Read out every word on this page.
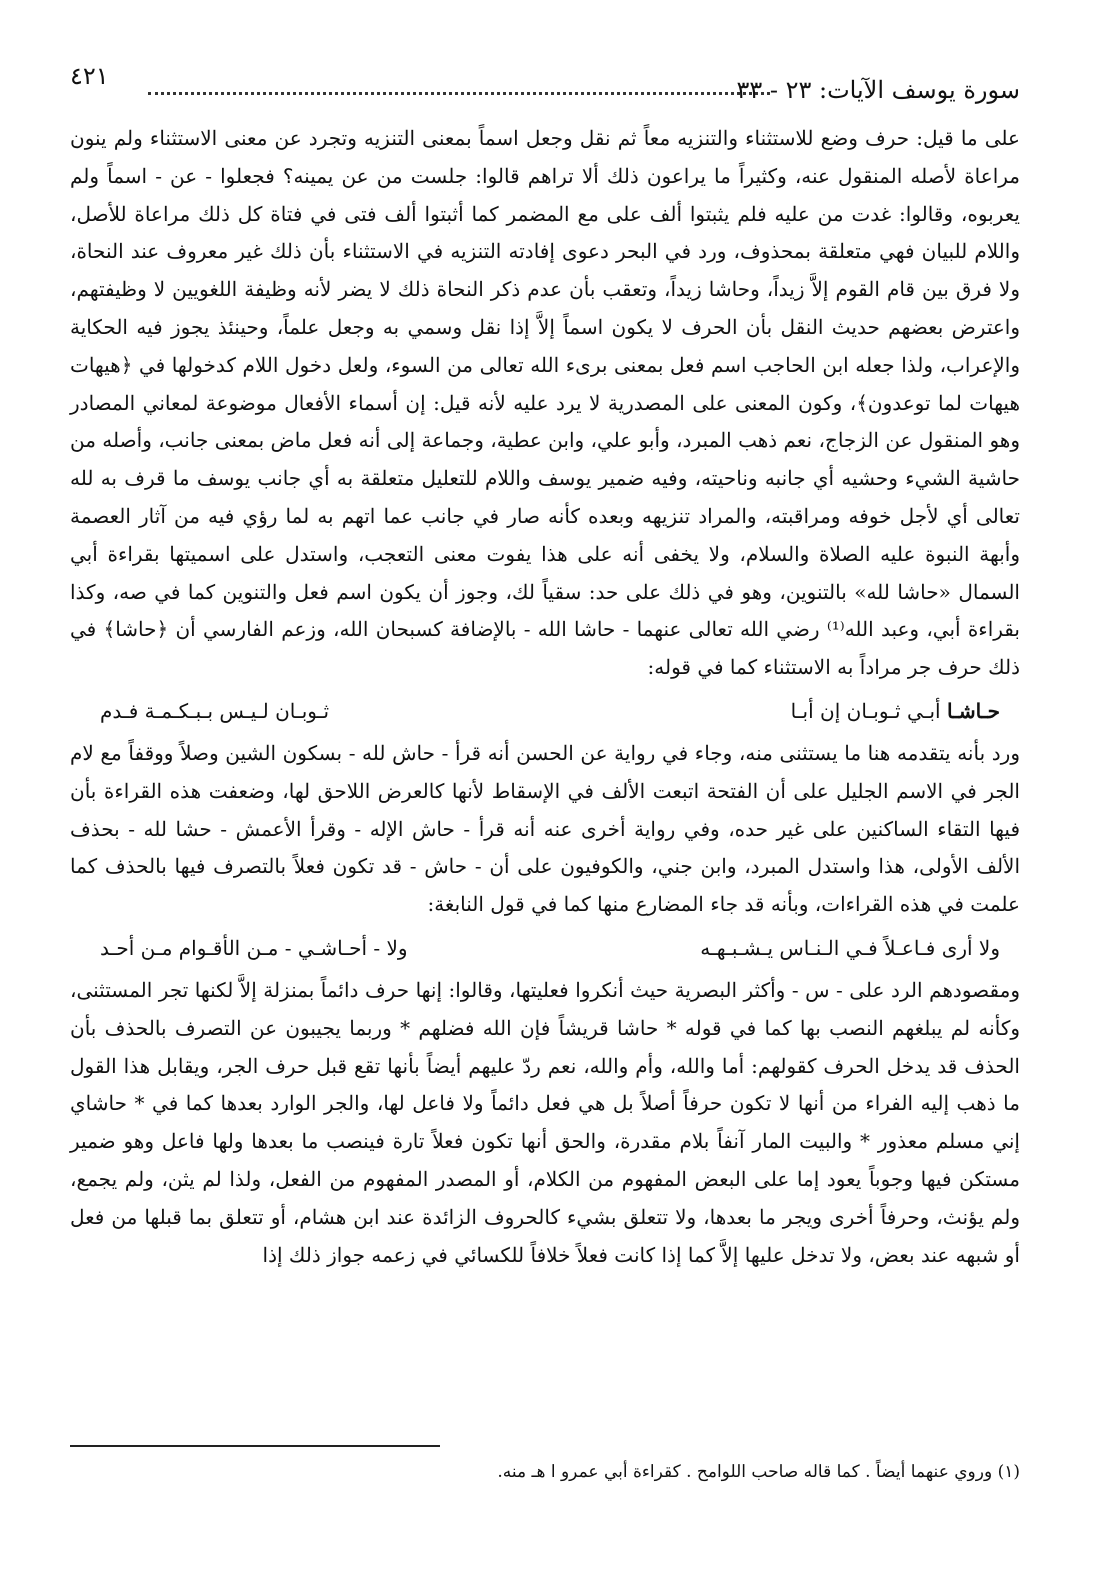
سورة يوسف الآيات: ٢٣ - ٣٣
٤٢١

على ما قيل: حرف وضع للاستثناء والتنزيه معاً ثم نقل وجعل اسماً بمعنى التنزيه وتجرد عن معنى الاستثناء ولم ينون مراعاة لأصله المنقول عنه، وكثيراً ما يراعون ذلك ألا تراهم قالوا: جلست من عن يمينه؟ فجعلوا - عن - اسماً ولم يعربوه، وقالوا: غدت من عليه فلم يثبتوا ألف على مع المضمر كما أثبتوا ألف فتى في فتاة كل ذلك مراعاة للأصل، واللام للبيان فهي متعلقة بمحذوف، ورد في البحر دعوى إفادته التنزيه في الاستثناء بأن ذلك غير معروف عند النحاة، ولا فرق بين قام القوم إلاَّ زيداً، وحاشا زيداً، وتعقب بأن عدم ذكر النحاة ذلك لا يضر لأنه وظيفة اللغويين لا وظيفتهم، واعترض بعضهم حديث النقل بأن الحرف لا يكون اسماً إلاَّ إذا نقل وسمي به وجعل علماً، وحينئذ يجوز فيه الحكاية والإعراب، ولذا جعله ابن الحاجب اسم فعل بمعنى برىء الله تعالى من السوء، ولعل دخول اللام كدخولها في ﴿هيهات هيهات لما توعدون﴾، وكون المعنى على المصدرية لا يرد عليه لأنه قيل: إن أسماء الأفعال موضوعة لمعاني المصادر وهو المنقول عن الزجاج، نعم ذهب المبرد، وأبو علي، وابن عطية، وجماعة إلى أنه فعل ماض بمعنى جانب، وأصله من حاشية الشيء وحشيه أي جانبه وناحيته، وفيه ضمير يوسف واللام للتعليل متعلقة به أي جانب يوسف ما قرف به لله تعالى أي لأجل خوفه ومراقبته، والمراد تنزيهه وبعده كأنه صار في جانب عما اتهم به لما رؤي فيه من آثار العصمة وأبهة النبوة عليه الصلاة والسلام، ولا يخفى أنه على هذا يفوت معنى التعجب، واستدل على اسميتها بقراءة أبي السمال «حاشا لله» بالتنوين، وهو في ذلك على حد: سقياً لك، وجوز أن يكون اسم فعل والتنوين كما في صه، وكذا بقراءة أبي، وعبد الله⁽¹⁾ رضي الله تعالى عنهما - حاشا الله - بالإضافة كسبحان الله، وزعم الفارسي أن ﴿حاشا﴾ في ذلك حرف جر مراداً به الاستثناء كما في قوله:

حـاشـا أبـي ثـوبـان إن أبـا
ثـوبـان لـيـس بـبـكـمـة فـدم

ورد بأنه يتقدمه هنا ما يستثنى منه، وجاء في رواية عن الحسن أنه قرأ - حاش لله - بسكون الشين وصلاً ووقفاً مع لام الجر في الاسم الجليل على أن الفتحة اتبعت الألف في الإسقاط لأنها كالعرض اللاحق لها، وضعفت هذه القراءة بأن فيها التقاء الساكنين على غير حده، وفي رواية أخرى عنه أنه قرأ - حاش الإله - وقرأ الأعمش - حشا لله - بحذف الألف الأولى، هذا واستدل المبرد، وابن جني، والكوفيون على أن - حاش - قد تكون فعلاً بالتصرف فيها بالحذف كما علمت في هذه القراءات، وبأنه قد جاء المضارع منها كما في قول النابغة:

ولا أرى فـاعـلاً فـي الـنـاس يـشـبـهـه
ولا - أحـاشـي - مـن الأقـوام مـن أحـد

ومقصودهم الرد على - س - وأكثر البصرية حيث أنكروا فعليتها، وقالوا: إنها حرف دائماً بمنزلة إلاَّ لكنها تجر المستثنى، وكأنه لم يبلغهم النصب بها كما في قوله * حاشا قريشاً فإن الله فضلهم * وربما يجيبون عن التصرف بالحذف بأن الحذف قد يدخل الحرف كقولهم: أما والله، وأم والله، نعم ردّ عليهم أيضاً بأنها تقع قبل حرف الجر، ويقابل هذا القول ما ذهب إليه الفراء من أنها لا تكون حرفاً أصلاً بل هي فعل دائماً ولا فاعل لها، والجر الوارد بعدها كما في * حاشاي إني مسلم معذور * والبيت المار آنفاً بلام مقدرة، والحق أنها تكون فعلاً تارة فينصب ما بعدها ولها فاعل وهو ضمير مستكن فيها وجوباً يعود إما على البعض المفهوم من الكلام، أو المصدر المفهوم من الفعل، ولذا لم يثن، ولم يجمع، ولم يؤنث، وحرفاً أخرى ويجر ما بعدها، ولا تتعلق بشيء كالحروف الزائدة عند ابن هشام، أو تتعلق بما قبلها من فعل أو شبهه عند بعض، ولا تدخل عليها إلاَّ كما إذا كانت فعلاً خلافاً للكسائي في زعمه جواز ذلك إذا

(١) وروي عنهما أيضاً . كما قاله صاحب اللوامح . كقراءة أبي عمرو ا هـ منه.
